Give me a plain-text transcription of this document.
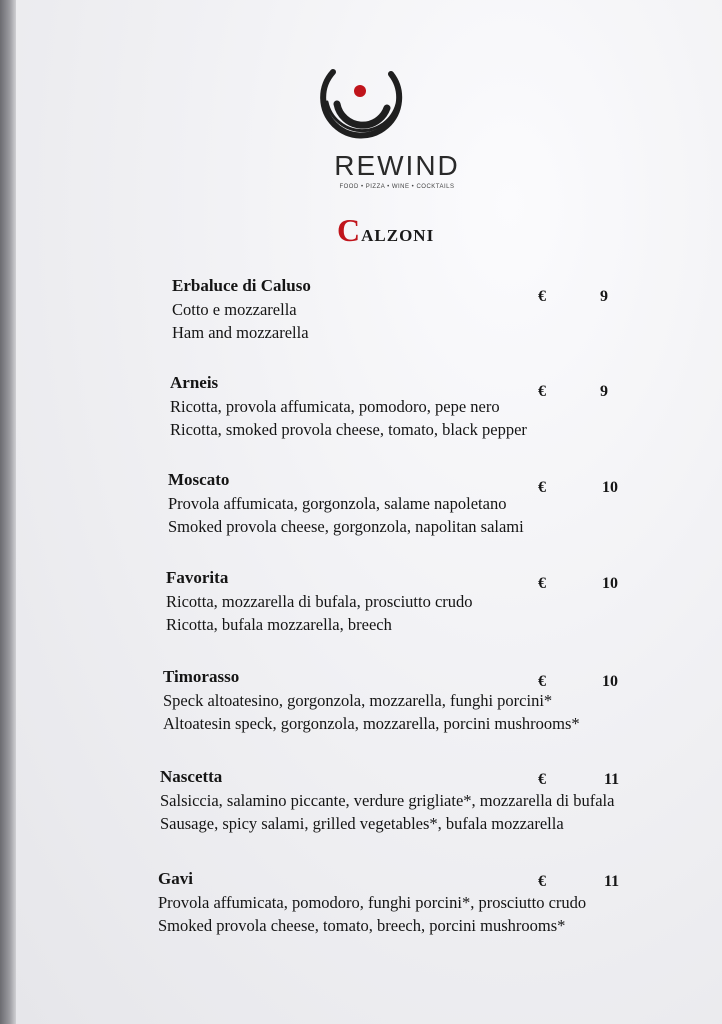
REWIND
FOOD • PIZZA • WINE • COCKTAILS
Calzoni
Erbaluce di Caluso
Cotto e mozzarella
Ham and mozzarella
€	9
Arneis
Ricotta, provola affumicata, pomodoro, pepe nero
Ricotta, smoked provola cheese, tomato, black pepper
€	9
Moscato
Provola affumicata, gorgonzola, salame napoletano
Smoked provola cheese, gorgonzola, napolitan salami
€	10
Favorita
Ricotta, mozzarella di bufala, prosciutto crudo
Ricotta, bufala mozzarella, breech
€	10
Timorasso
Speck altoatesino, gorgonzola, mozzarella, funghi porcini*
Altoatesin speck, gorgonzola, mozzarella, porcini mushrooms*
€	10
Nascetta
Salsiccia, salamino piccante, verdure grigliate*, mozzarella di bufala
Sausage, spicy salami, grilled vegetables*, bufala mozzarella
€	11
Gavi
Provola affumicata, pomodoro, funghi porcini*, prosciutto crudo
Smoked provola cheese, tomato, breech, porcini mushrooms*
€	11
